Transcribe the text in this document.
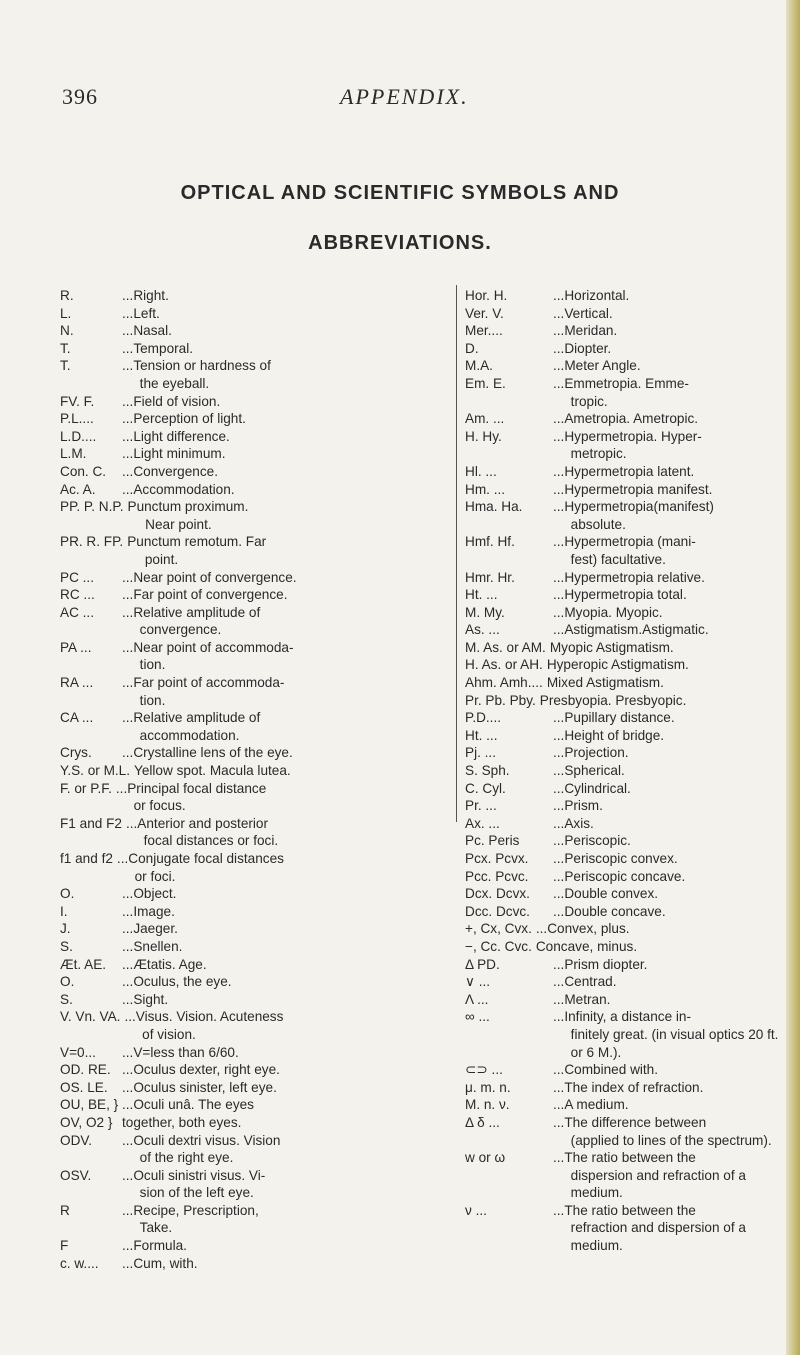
396	APPENDIX.
OPTICAL AND SCIENTIFIC SYMBOLS AND
ABBREVIATIONS.
R.	...Right.
L.	...Left.
N.	...Nasal.
T.	...Temporal.
T.	...Tension or hardness of
the eyeball.
FV. F.	...Field of vision.
P.L....	...Perception of light.
L.D....	...Light difference.
L.M.	...Light minimum.
Con. C.	...Convergence.
Ac. A.	...Accommodation.
PP. P. N.P. Punctum proximum.
Near point.
PR. R. FP. Punctum remotum. Far
point.
PC ...	...Near point of convergence.
RC ...	...Far point of convergence.
AC ...	...Relative amplitude of
convergence.
PA ...	...Near point of accommoda-
tion.
RA ...	...Far point of accommoda-
tion.
CA ...	...Relative amplitude of
accommodation.
Crys.	...Crystalline lens of the eye.
Y.S. or M.L. Yellow spot. Macula lutea.
F. or P.F. ...Principal focal distance
or focus.
F1 and F2 ...Anterior and posterior
focal distances or foci.
f1 and f2 ...Conjugate focal distances
or foci.
O.	...Object.
I.	...Image.
J.	...Jaeger.
S.	...Snellen.
Æt. AE.	...Ætatis. Age.
O.	...Oculus, the eye.
S.	...Sight.
V. Vn. VA. ...Visus. Vision. Acuteness
of vision.
V=0...	...V=less than 6/60.
OD. RE. ...Oculus dexter, right eye.
OS. LE.	...Oculus sinister, left eye.
OU, BE, } ...Oculi unâ. The eyes
OV, O2 } together, both eyes.
ODV.	...Oculi dextri visus. Vision
of the right eye.
OSV.	...Oculi sinistri visus. Vi-
sion of the left eye.
R	...Recipe, Prescription,
Take.
F	...Formula.
c. w....	...Cum, with.
Hor. H.	...Horizontal.
Ver. V.	...Vertical.
Mer....	...Meridan.
D.	...Diopter.
M.A.	...Meter Angle.
Em. E.	...Emmetropia. Emme-
tropic.
Am. ...	...Ametropia. Ametropic.
H. Hy.	...Hypermetropia. Hyper-
metropic.
Hl. ...	...Hypermetropia latent.
Hm. ...	...Hypermetropia manifest.
Hma. Ha.	...Hypermetropia(manifest)
absolute.
Hmf. Hf.	...Hypermetropia (mani-
fest) facultative.
Hmr. Hr.	...Hypermetropia relative.
Ht. ...	...Hypermetropia total.
M. My.	...Myopia. Myopic.
As. ...	...Astigmatism.Astigmatic.
M. As. or AM. Myopic Astigmatism.
H. As. or AH. Hyperopic Astigmatism.
Ahm. Amh.... Mixed Astigmatism.
Pr. Pb. Pby. Presbyopia. Presbyopic.
P.D....	...Pupillary distance.
Ht. ...	...Height of bridge.
Pj. ...	...Projection.
S. Sph.	...Spherical.
C. Cyl.	...Cylindrical.
Pr. ...	...Prism.
Ax. ...	...Axis.
Pc. Peris	...Periscopic.
Pcx. Pcvx.	...Periscopic convex.
Pcc. Pcvc.	...Periscopic concave.
Dcx. Dcvx.	...Double convex.
Dcc. Dcvc.	...Double concave.
+, Cx, Cvx. ...Convex, plus.
−, Cc. Cvc. Concave, minus.
Δ PD.	...Prism diopter.
∨ ...	...Centrad.
Λ ...	...Metran.
∞ ...	...Infinity, a distance in-
finitely great. (in visual optics 20 ft. or 6 M.).
⊂⊃ ...	...Combined with.
μ. m. n.	...The index of refraction.
M. n. ν.	...A medium.
Δ δ ...	...The difference between
(applied to lines of the spectrum).
w or ω	...The ratio between the
dispersion and refraction of a medium.
ν ...	...The ratio between the
refraction and dispersion of a medium.
